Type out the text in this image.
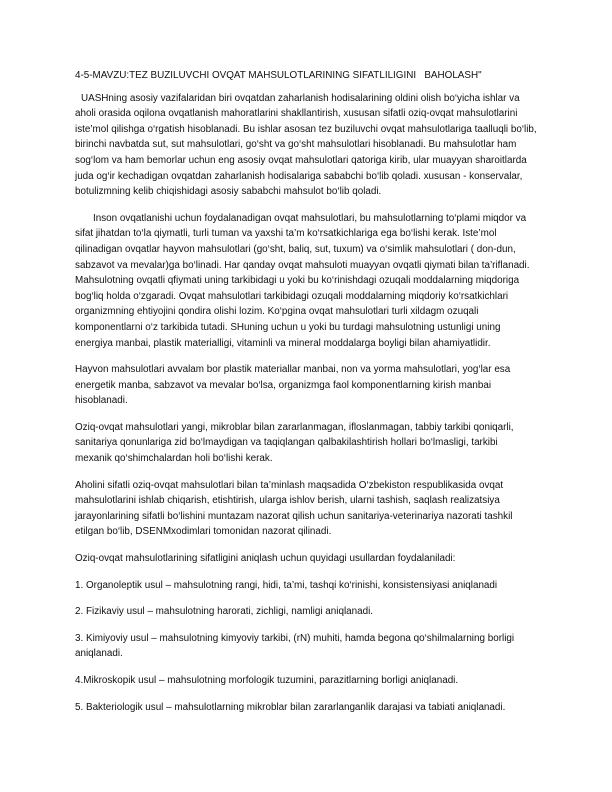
4-5-MAVZU:TEZ BUZILUVCHI OVQAT MAHSULOTLARINING SIFATLILIGINI   BAHOLASH"

UASHning asosiy vazifalaridan biri ovqatdan zaharlanish hodisalarining oldini olish bo‘yicha ishlar va aholi orasida oqilona ovqatlanish mahoratlarini shakllantirish, xususan sifatli oziq-ovqat mahsulotlarini iste’mol qilishga o‘rgatish hisoblanadi. Bu ishlar asosan tez buziluvchi ovqat mahsulotlariga taalluqli bo‘lib, birinchi navbatda sut, sut mahsulotlari, go‘sht va go‘sht mahsulotlari hisoblanadi. Bu mahsulotlar ham sog‘lom va ham bemorlar uchun eng asosiy ovqat mahsulotlari qatoriga kirib, ular muayyan sharoitlarda juda og‘ir kechadigan ovqatdan zaharlanish hodisalariga sababchi bo‘lib qoladi. xususan - konservalar, botulizmning kelib chiqishidagi asosiy sababchi mahsulot bo‘lib qoladi.

Inson ovqatlanishi uchun foydalanadigan ovqat mahsulotlari, bu mahsulotlarning to‘plami miqdor va sifat jihatdan to‘la qiymatli, turli tuman va yaxshi ta’m ko‘rsatkichlariga ega bo‘lishi kerak. Iste’mol qilinadigan ovqatlar hayvon mahsulotlari (go‘sht, baliq, sut, tuxum) va o‘simlik mahsulotlari ( don-dun, sabzavot va mevalar)ga bo‘linadi. Har qanday ovqat mahsuloti muayyan ovqatli qiymati bilan ta’riflanadi. Mahsulotning ovqatli qfiymati uning tarkibidagi u yoki bu ko‘rinishdagi ozuqali moddalarning miqdoriga bog‘liq holda o‘zgaradi. Ovqat mahsulotlari tarkibidagi ozuqali moddalarning miqdoriy ko‘rsatkichlari organizmning ehtiyojini qondira olishi lozim. Ko‘pgina ovqat mahsulotlari turli xildagm ozuqali komponentlarni o‘z tarkibida tutadi. SHuning uchun u yoki bu turdagi mahsulotning ustunligi uning energiya manbai, plastik materialligi, vitaminli va mineral moddalarga boyligi bilan ahamiyatlidir.

Hayvon mahsulotlari avvalam bor plastik materiallar manbai, non va yorma mahsulotlari, yog‘lar esa energetik manba, sabzavot va mevalar bo‘lsa, organizmga faol komponentlarning kirish manbai hisoblanadi.

Oziq-ovqat mahsulotlari yangi, mikroblar bilan zararlanmagan, ifloslanmagan, tabbiy tarkibi qoniqarli, sanitariya qonunlariga zid bo‘lmaydigan va taqiqlangan qalbakilashtirish hollari bo‘lmasligi, tarkibi mexanik qo‘shimchalardan holi bo‘lishi kerak.

Aholini sifatli oziq-ovqat mahsulotlari bilan ta’minlash maqsadida O‘zbekiston respublikasida ovqat mahsulotlarini ishlab chiqarish, etishtirish, ularga ishlov berish, ularni tashish, saqlash realizatsiya jarayonlarining sifatli bo‘lishini muntazam nazorat qilish uchun sanitariya-veterinariya nazorati tashkil etilgan bo‘lib, DSENMxodimlari tomonidan nazorat qilinadi.

Oziq-ovqat mahsulotlarining sifatligini aniqlash uchun quyidagi usullardan foydalaniladi:

1. Organoleptik usul – mahsulotning rangi, hidi, ta’mi, tashqi ko‘rinishi, konsistensiyasi aniqlanadi

2. Fizikaviy usul – mahsulotning harorati, zichligi, namligi aniqlanadi.

3. Kimiyoviy usul – mahsulotning kimyoviy tarkibi, (rN) muhiti, hamda begona qo‘shilmalarning borligi aniqlanadi.

4.Mikroskopik usul – mahsulotning morfologik tuzumini, parazitlarning borligi aniqlanadi.

5. Bakteriologik usul – mahsulotlarning mikroblar bilan zararlanganlik darajasi va tabiati aniqlanadi.
